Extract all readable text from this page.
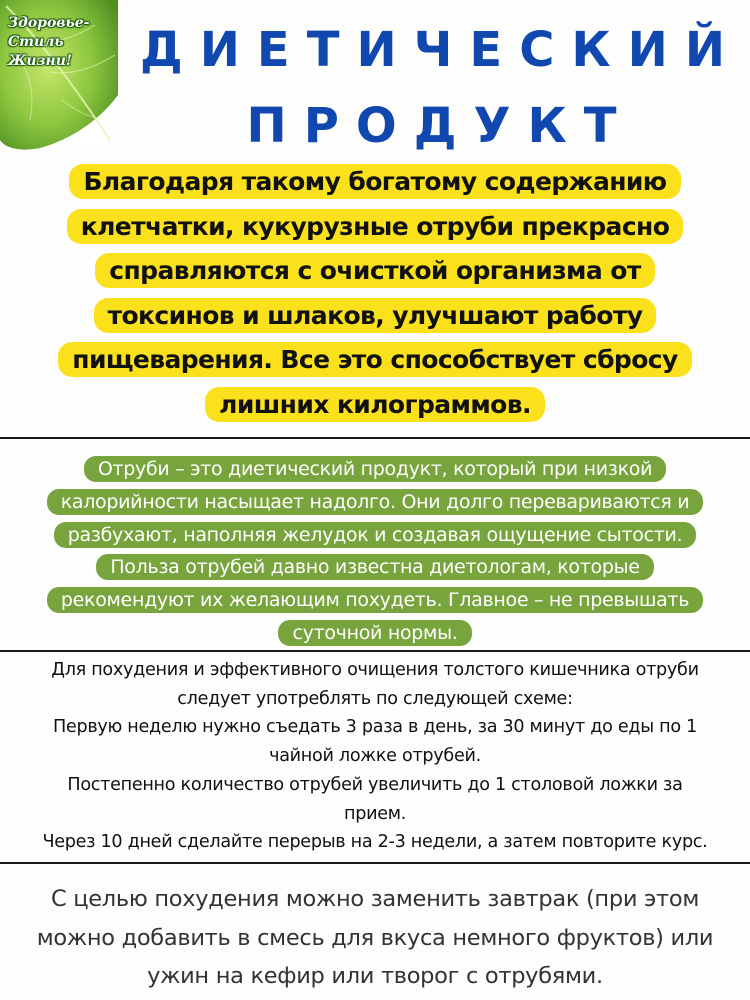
Здоровье-
Стиль
Жизни!	ДИЕТИЧЕСКИЙ
ПРОДУКТ

Благодаря такому богатому содержанию
клетчатки, кукурузные отруби прекрасно
справляются с очисткой организма от
токсинов и шлаков, улучшают работу
пищеварения. Все это способствует сбросу
лишних килограммов.

Отруби – это диетический продукт, который при низкой
калорийности насыщает надолго. Они долго перевариваются и
разбухают, наполняя желудок и создавая ощущение сытости.
Польза отрубей давно известна диетологам, которые
рекомендуют их желающим похудеть. Главное – не превышать
суточной нормы.

Для похудения и эффективного очищения толстого кишечника отруби
следует употреблять по следующей схеме:
Первую неделю нужно съедать 3 раза в день, за 30 минут до еды по 1
чайной ложке отрубей.
Постепенно количество отрубей увеличить до 1 столовой ложки за
прием.
Через 10 дней сделайте перерыв на 2-3 недели, а затем повторите курс.
С целью похудения можно заменить завтрак (при этом
можно добавить в смесь для вкуса немного фруктов) или
ужин на кефир или творог с отрубями.
